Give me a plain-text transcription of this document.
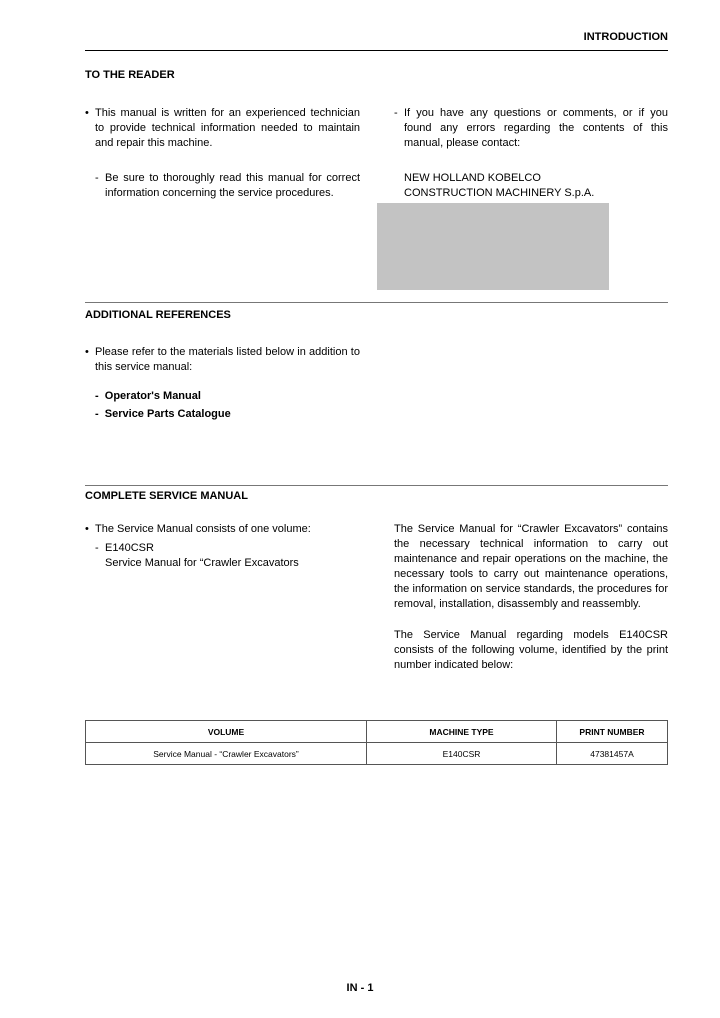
INTRODUCTION
TO THE READER
• This manual is written for an experienced technician to provide technical information needed to maintain and repair this machine.
- Be sure to thoroughly read this manual for correct information concerning the service procedures.
- If you have any questions or comments, or if you found any errors regarding the contents of this manual, please contact:
NEW HOLLAND KOBELCO
CONSTRUCTION MACHINERY S.p.A.
ADDITIONAL REFERENCES
• Please refer to the materials listed below in addition to this service manual:
-  Operator's Manual
-  Service Parts Catalogue
COMPLETE SERVICE MANUAL
• The Service Manual consists of one volume:
- E140CSR
Service Manual for “Crawler Excavators
The Service Manual for “Crawler Excavators” contains the necessary technical information to carry out maintenance and repair operations on the machine, the necessary tools to carry out maintenance operations, the information on service standards, the procedures for removal, installation, disassembly and reassembly.
The Service Manual regarding models E140CSR consists of the following volume, identified by the print number indicated below:
VOLUME	MACHINE TYPE	PRINT NUMBER
Service Manual - “Crawler Excavators”	E140CSR	47381457A
IN - 1
